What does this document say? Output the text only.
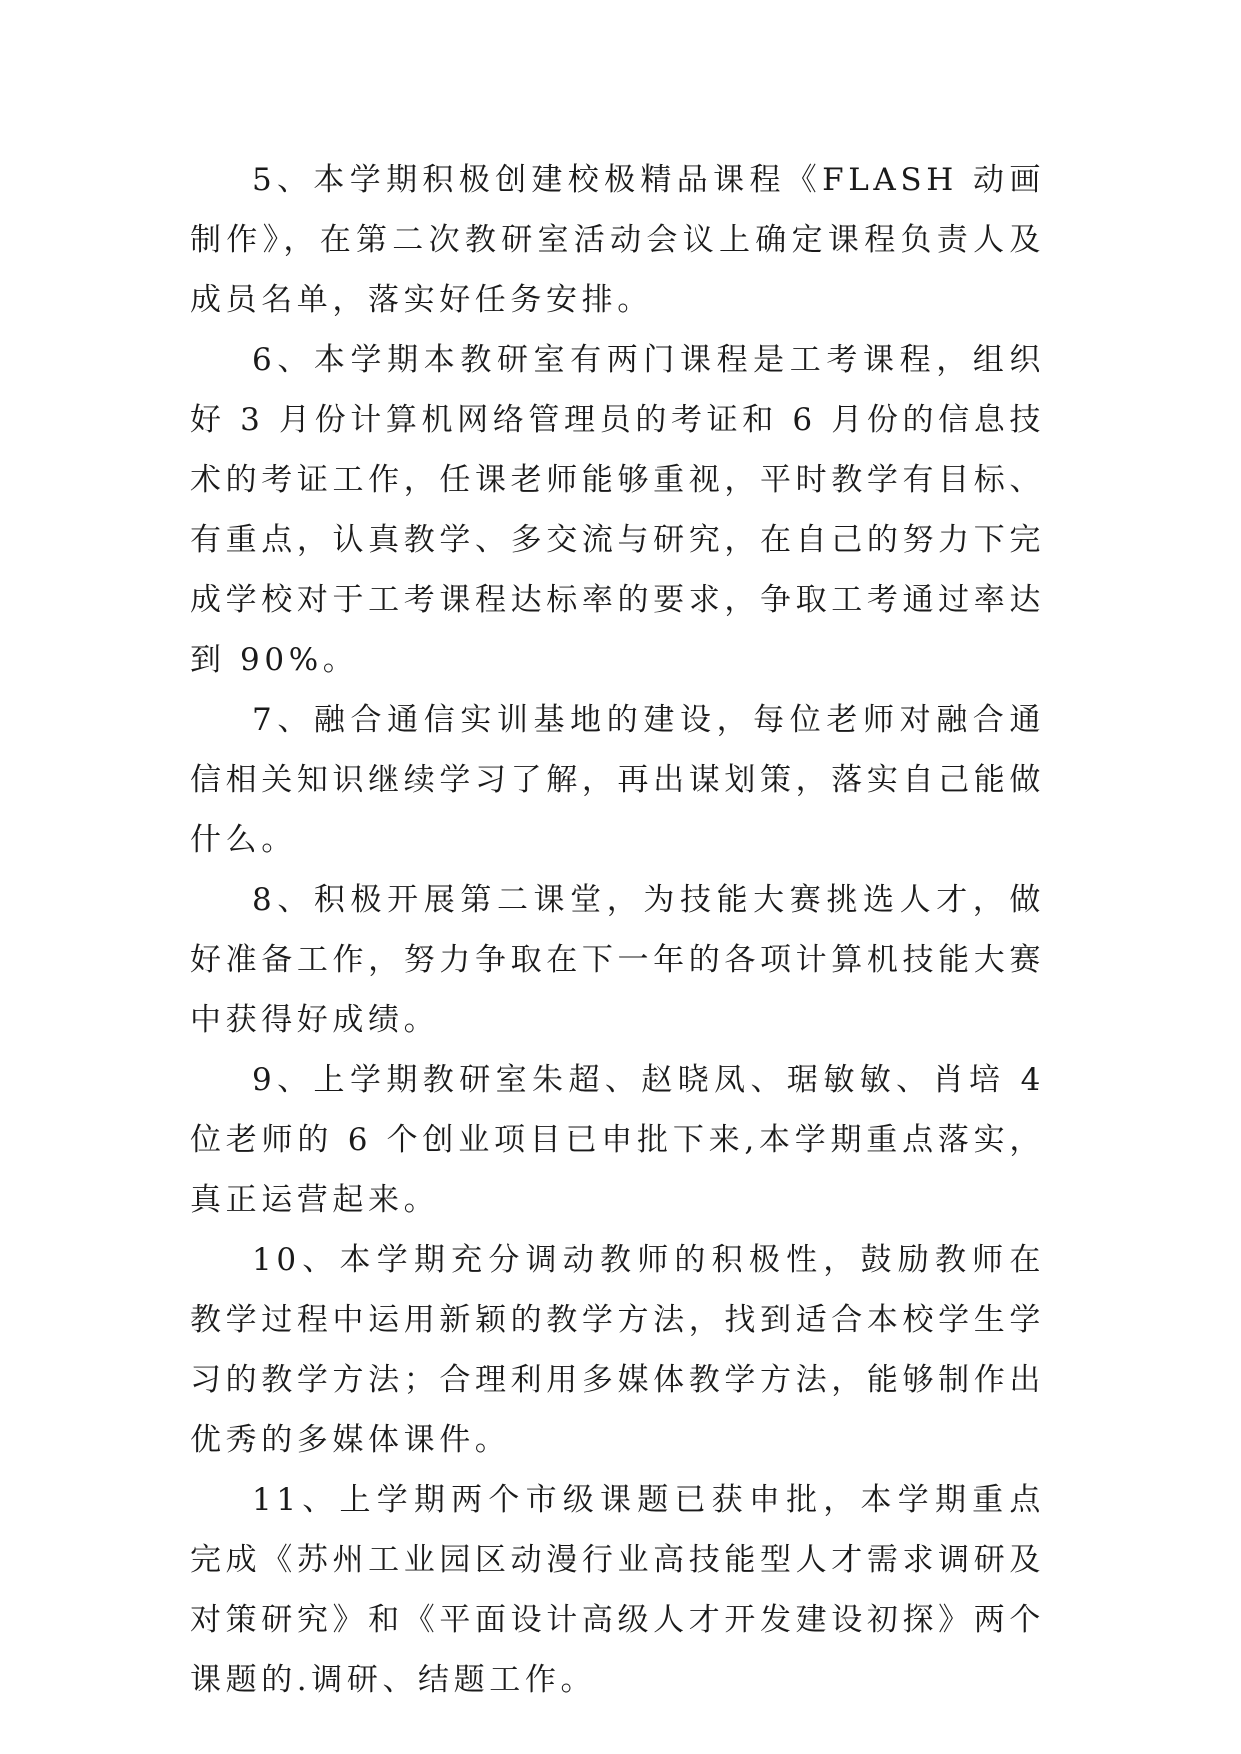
5、本学期积极创建校极精品课程《FLASH 动画制作》，在第二次教研室活动会议上确定课程负责人及成员名单，落实好任务安排。

6、本学期本教研室有两门课程是工考课程，组织好 3 月份计算机网络管理员的考证和 6 月份的信息技术的考证工作，任课老师能够重视，平时教学有目标、有重点，认真教学、多交流与研究，在自己的努力下完成学校对于工考课程达标率的要求，争取工考通过率达到 90%。

7、融合通信实训基地的建设，每位老师对融合通信相关知识继续学习了解，再出谋划策，落实自己能做什么。

8、积极开展第二课堂，为技能大赛挑选人才，做好准备工作，努力争取在下一年的各项计算机技能大赛中获得好成绩。

9、上学期教研室朱超、赵晓凤、琚敏敏、肖培 4 位老师的 6 个创业项目已申批下来,本学期重点落实，真正运营起来。

10、本学期充分调动教师的积极性，鼓励教师在教学过程中运用新颖的教学方法，找到适合本校学生学习的教学方法；合理利用多媒体教学方法，能够制作出优秀的多媒体课件。

11、上学期两个市级课题已获申批，本学期重点完成《苏州工业园区动漫行业高技能型人才需求调研及对策研究》和《平面设计高级人才开发建设初探》两个课题的.调研、结题工作。
